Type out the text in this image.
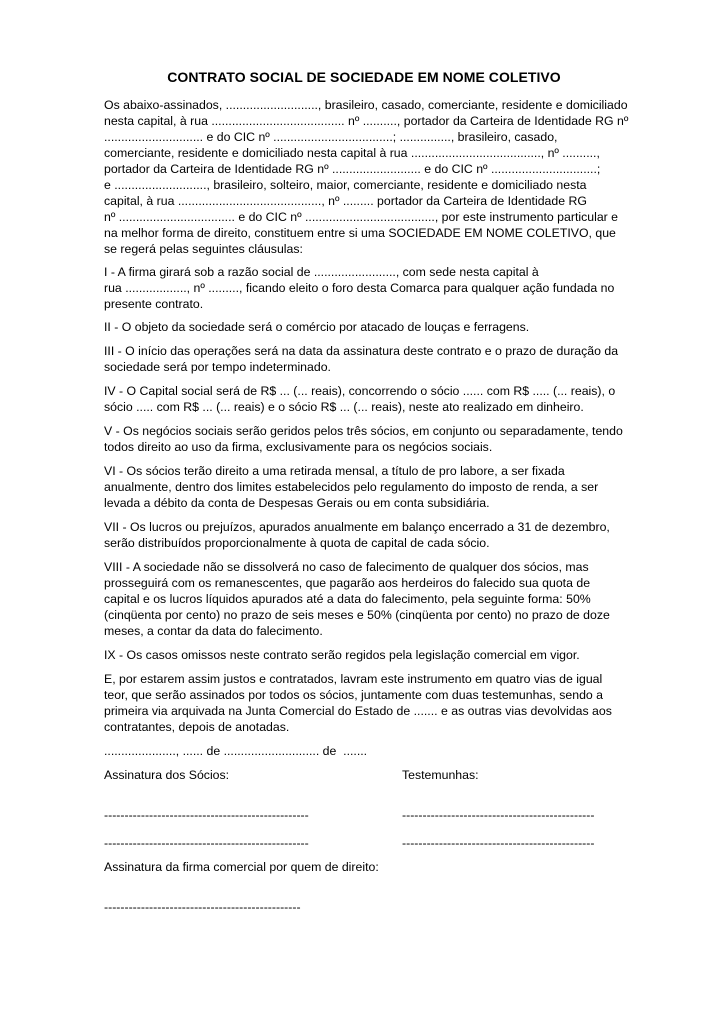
CONTRATO SOCIAL DE SOCIEDADE EM NOME COLETIVO
Os abaixo-assinados, ..........................., brasileiro, casado, comerciante, residente e domiciliado
nesta capital, à rua ....................................... nº .........., portador da Carteira de Identidade RG nº
............................. e do CIC nº ...................................; ..............., brasileiro, casado,
comerciante, residente e domiciliado nesta capital à rua ......................................, nº ..........,
portador da Carteira de Identidade RG nº .......................... e do CIC nº ...............................;
e ..........................., brasileiro, solteiro, maior, comerciante, residente e domiciliado nesta
capital, à rua .........................................., nº ......... portador da Carteira de Identidade RG
nº .................................. e do CIC nº ......................................, por este instrumento particular e
na melhor forma de direito, constituem entre si uma SOCIEDADE EM NOME COLETIVO, que
se regerá pelas seguintes cláusulas:
I - A firma girará sob a razão social de ........................, com sede nesta capital à
rua .................., nº ........., ficando eleito o foro desta Comarca para qualquer ação fundada no
presente contrato.
II - O objeto da sociedade será o comércio por atacado de louças e ferragens.
III - O início das operações será na data da assinatura deste contrato e o prazo de duração da
sociedade será por tempo indeterminado.
IV - O Capital social será de R$ ... (... reais), concorrendo o sócio ...... com R$ ..... (... reais), o
sócio ..... com R$ ... (... reais) e o sócio R$ ... (... reais), neste ato realizado em dinheiro.
V - Os negócios sociais serão geridos pelos três sócios, em conjunto ou separadamente, tendo
todos direito ao uso da firma, exclusivamente para os negócios sociais.
VI - Os sócios terão direito a uma retirada mensal, a título de pro labore, a ser fixada
anualmente, dentro dos limites estabelecidos pelo regulamento do imposto de renda, a ser
levada a débito da conta de Despesas Gerais ou em conta subsidiária.
VII - Os lucros ou prejuízos, apurados anualmente em balanço encerrado a 31 de dezembro,
serão distribuídos proporcionalmente à quota de capital de cada sócio.
VIII - A sociedade não se dissolverá no caso de falecimento de qualquer dos sócios, mas
prosseguirá com os remanescentes, que pagarão aos herdeiros do falecido sua quota de
capital e os lucros líquidos apurados até a data do falecimento, pela seguinte forma: 50%
(cinqüenta por cento) no prazo de seis meses e 50% (cinqüenta por cento) no prazo de doze
meses, a contar da data do falecimento.
IX - Os casos omissos neste contrato serão regidos pela legislação comercial em vigor.
E, por estarem assim justos e contratados, lavram este instrumento em quatro vias de igual
teor, que serão assinados por todos os sócios, juntamente com duas testemunhas, sendo a
primeira via arquivada na Junta Comercial do Estado de ....... e as outras vias devolvidas aos
contratantes, depois de anotadas.
....................., ...... de ............................ de  .......
Assinatura dos Sócios:	Testemunhas:
--------------------------------------------------	-----------------------------------------------
--------------------------------------------------	-----------------------------------------------
Assinatura da firma comercial por quem de direito:
------------------------------------------------
